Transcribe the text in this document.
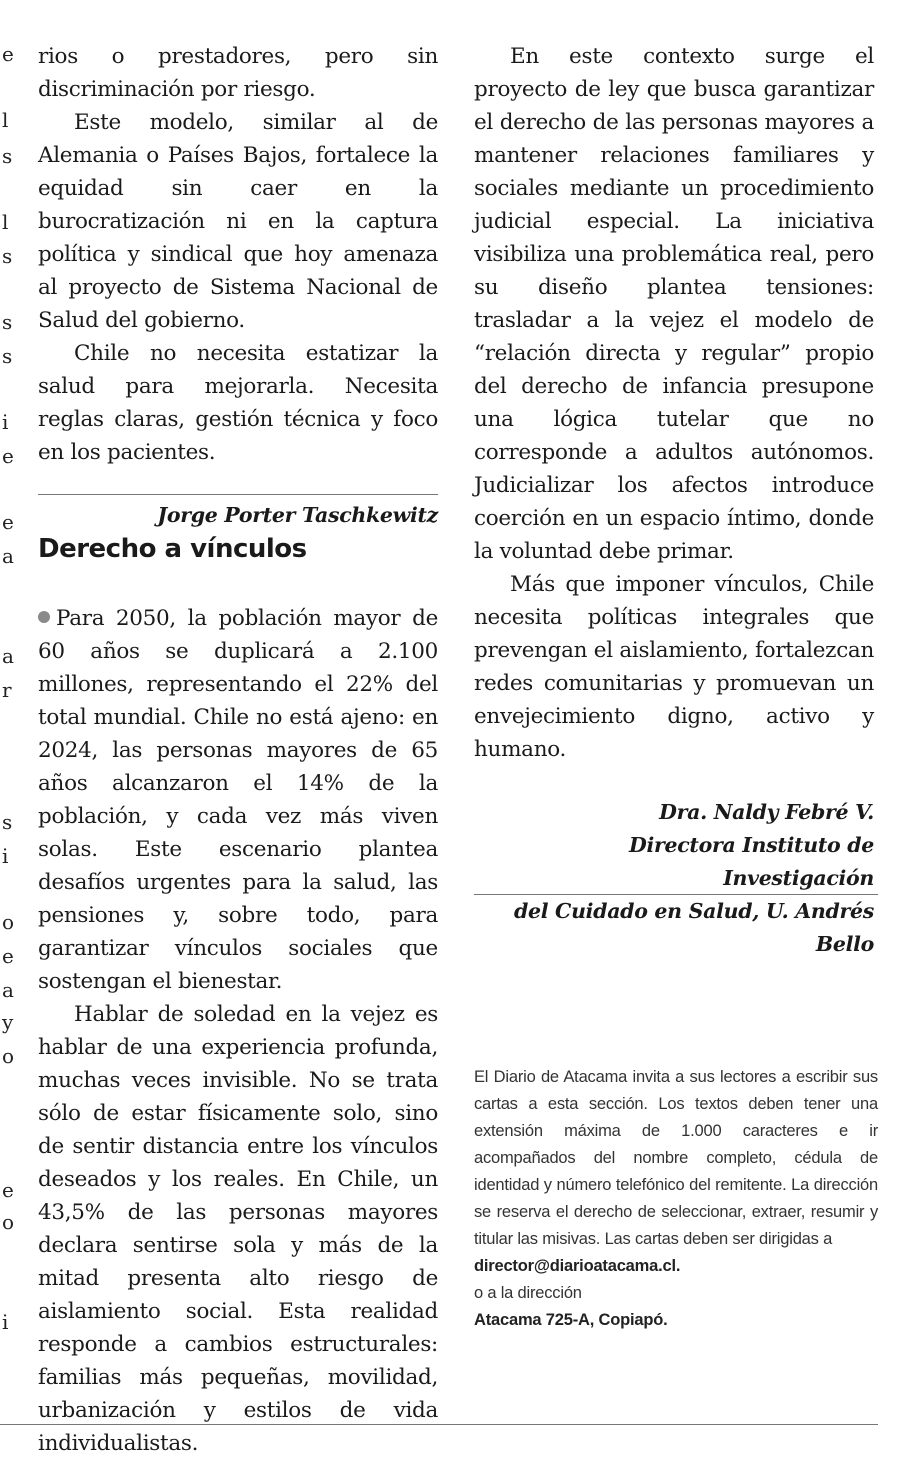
e
l
s
l
s
s
s
i
e
e
a
a
r
s
i
o
e
a
y
o
e
o
i

rios o prestadores, pero sin discriminación por riesgo.

Este modelo, similar al de Alemania o Países Bajos, fortalece la equidad sin caer en la burocratización ni en la captura política y sindical que hoy amenaza al proyecto de Sistema Nacional de Salud del gobierno.

Chile no necesita estatizar la salud para mejorarla. Necesita reglas claras, gestión técnica y foco en los pacientes.

Jorge Porter Taschkewitz
Derecho a vínculos

Para 2050, la población mayor de 60 años se duplicará a 2.100 millones, representando el 22% del total mundial. Chile no está ajeno: en 2024, las personas mayores de 65 años alcanzaron el 14% de la población, y cada vez más viven solas. Este escenario plantea desafíos urgentes para la salud, las pensiones y, sobre todo, para garantizar vínculos sociales que sostengan el bienestar.

Hablar de soledad en la vejez es hablar de una experiencia profunda, muchas veces invisible. No se trata sólo de estar físicamente solo, sino de sentir distancia entre los vínculos deseados y los reales. En Chile, un 43,5% de las personas mayores declara sentirse sola y más de la mitad presenta alto riesgo de aislamiento social. Esta realidad responde a cambios estructurales: familias más pequeñas, movilidad, urbanización y estilos de vida individualistas.

En este contexto surge el proyecto de ley que busca garantizar el derecho de las personas mayores a mantener relaciones familiares y sociales mediante un procedimiento judicial especial. La iniciativa visibiliza una problemática real, pero su diseño plantea tensiones: trasladar a la vejez el modelo de “relación directa y regular” propio del derecho de infancia presupone una lógica tutelar que no corresponde a adultos autónomos. Judicializar los afectos introduce coerción en un espacio íntimo, donde la voluntad debe primar.

Más que imponer vínculos, Chile necesita políticas integrales que prevengan el aislamiento, fortalezcan redes comunitarias y promuevan un envejecimiento digno, activo y humano.

Dra. Naldy Febré V.
Directora Instituto de Investigación
del Cuidado en Salud, U. Andrés Bello
El Diario de Atacama invita a sus lectores a escribir sus cartas a esta sección. Los textos deben tener una extensión máxima de 1.000 caracteres e ir acompañados del nombre completo, cédula de identidad y número telefónico del remitente. La dirección se reserva el derecho de seleccionar, extraer, resumir y titular las misivas. Las cartas deben ser dirigidas a
director@diarioatacama.cl.
o a la dirección
Atacama 725-A, Copiapó.
